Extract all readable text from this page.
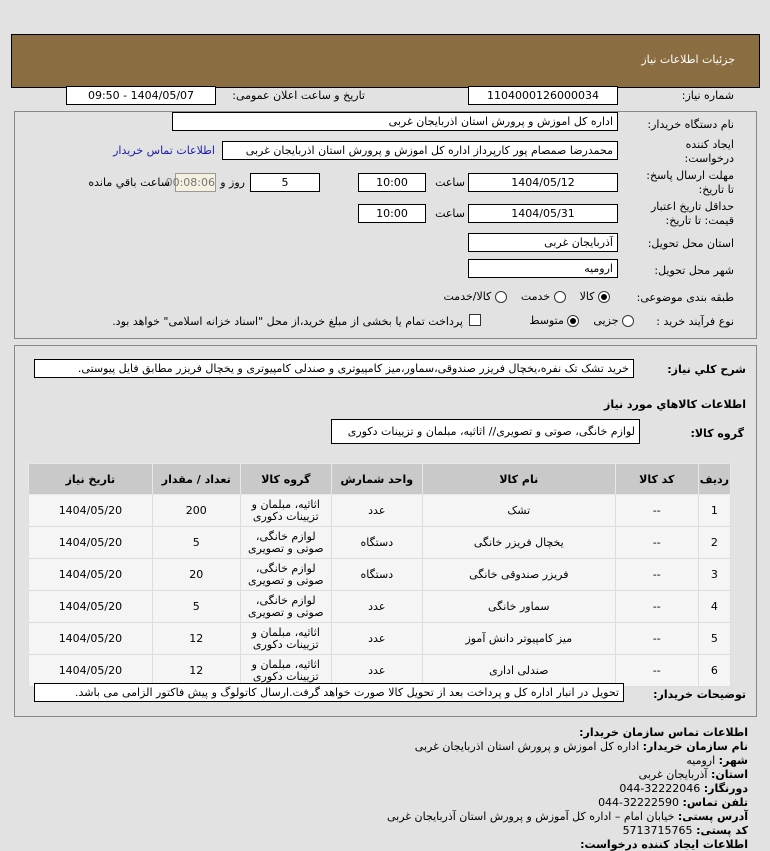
جزئیات اطلاعات نیاز
شماره نیاز:
1104000126000034
تاریخ و ساعت اعلان عمومی:
1404/05/07 - 09:50
نام دستگاه خریدار:
اداره کل اموزش و پرورش استان اذربایجان غربی
ایجاد کننده
درخواست:
محمدرضا صمصام پور کارپرداز اداره کل اموزش و پرورش استان اذربایجان غربی
اطلاعات تماس خریدار
مهلت ارسال پاسخ:
تا تاریخ:
1404/05/12
ساعت
10:00
5
روز و
00:08:06
ساعت باقي مانده
حداقل تاریخ اعتبار
قیمت: تا تاریخ:
1404/05/31
ساعت
10:00
استان محل تحویل:
آذربایجان غربی
شهر محل تحویل:
ارومیه
طبقه بندی موضوعی:
کالا     خدمت     کالا/خدمت
نوع فرآیند خرید :
جزیی     متوسط
پرداخت تمام یا بخشی از مبلغ خرید،از محل "اسناد خزانه اسلامی" خواهد بود.
شرح کلي نیاز:
خرید تشک تک نفره،یخچال فریزر صندوقی،سماور،میز کامپیوتری و صندلی کامپیوتری و یخچال فریزر مطابق فایل پیوستی.
اطلاعات کالاهاي مورد نیاز
گروه کالا:
لوازم خانگی، صوتی و تصویری// اثاثیه، مبلمان و تزیینات دکوری
ردیف	کد کالا	نام کالا	واحد شمارش	گروه کالا	تعداد / مقدار	تاریخ نیاز
1	--	تشک	عدد	اثاثیه، مبلمان و تزیینات دکوری	200	1404/05/20
2	--	یخچال فریزر خانگی	دستگاه	لوازم خانگی، صوتی و تصویری	5	1404/05/20
3	--	فریزر صندوقی خانگی	دستگاه	لوازم خانگی، صوتی و تصویری	20	1404/05/20
4	--	سماور خانگی	عدد	لوازم خانگی، صوتی و تصویری	5	1404/05/20
5	--	میز کامپیوتر دانش آموز	عدد	اثاثیه، مبلمان و تزیینات دکوری	12	1404/05/20
6	--	صندلی اداری	عدد	اثاثیه، مبلمان و تزیینات دکوری	12	1404/05/20
توضیحات خریدار:
تحویل در انبار اداره کل و پرداخت بعد از تحویل کالا صورت خواهد گرفت.ارسال کاتولوگ و پیش فاکتور الزامی می باشد.
اطلاعات تماس سازمان خریدار:
نام سازمان خریدار: اداره کل اموزش و پرورش استان اذربایجان غربی
شهر: ارومیه
استان: آذربایجان غربی
دورنگار: 044-32222046
تلفن تماس: 044-32222590
آدرس پستی: خیابان امام – اداره کل آموزش و پرورش استان آذربایجان غربی
کد پستی: 5713715765
اطلاعات ایجاد کننده درخواست:
